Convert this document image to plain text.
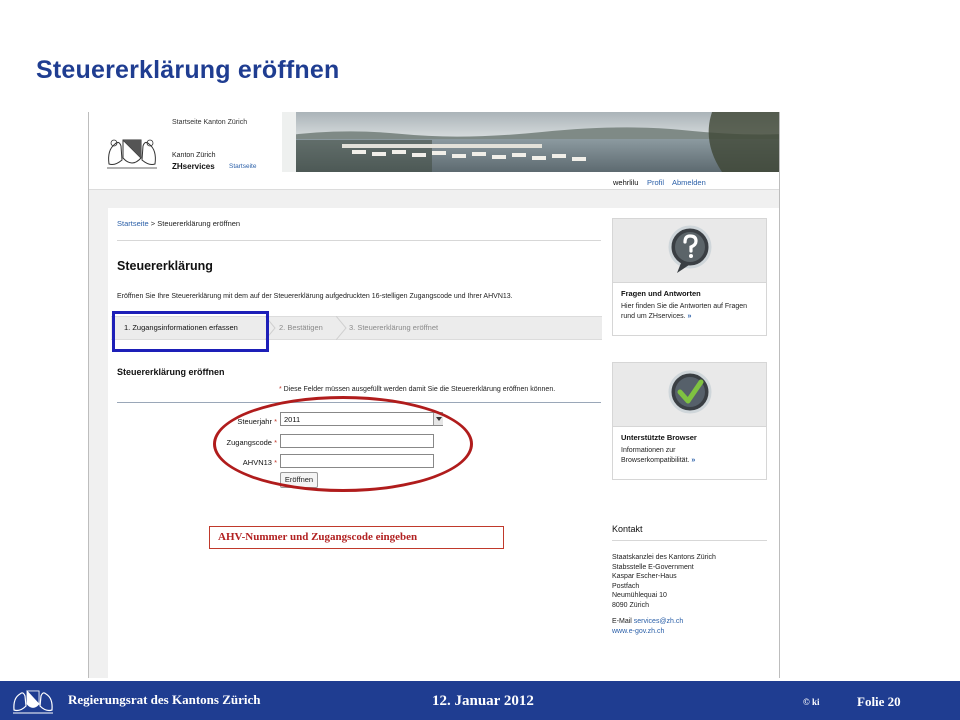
Steuererklärung eröffnen
Startseite Kanton Zürich
Kanton Zürich
ZHservices Startseite
wehrlilu Profil Abmelden
Startseite > Steuererklärung eröffnen
Steuererklärung
Eröffnen Sie Ihre Steuererklärung mit dem auf der Steuererklärung aufgedruckten 16-stelligen Zugangscode und Ihrer AHVN13.
1. Zugangsinformationen erfassen	2. Bestätigen	3. Steuererklärung eröffnet
Steuererklärung eröffnen
* Diese Felder müssen ausgefüllt werden damit Sie die Steuererklärung eröffnen können.
Steuerjahr * 2011
Zugangscode *
AHVN13 *
Eröffnen
Fragen und Antworten
Hier finden Sie die Antworten auf Fragen rund um ZHservices. »
Unterstützte Browser
Informationen zur Browserkompatibilität. »
Kontakt
Staatskanzlei des Kantons Zürich
Stabsstelle E-Government
Kaspar Escher-Haus
Postfach
Neumühlequai 10
8090 Zürich
E-Mail services@zh.ch
www.e-gov.zh.ch
AHV-Nummer und Zugangscode eingeben
Regierungsrat des Kantons Zürich	12. Januar 2012	© ki	Folie 20
